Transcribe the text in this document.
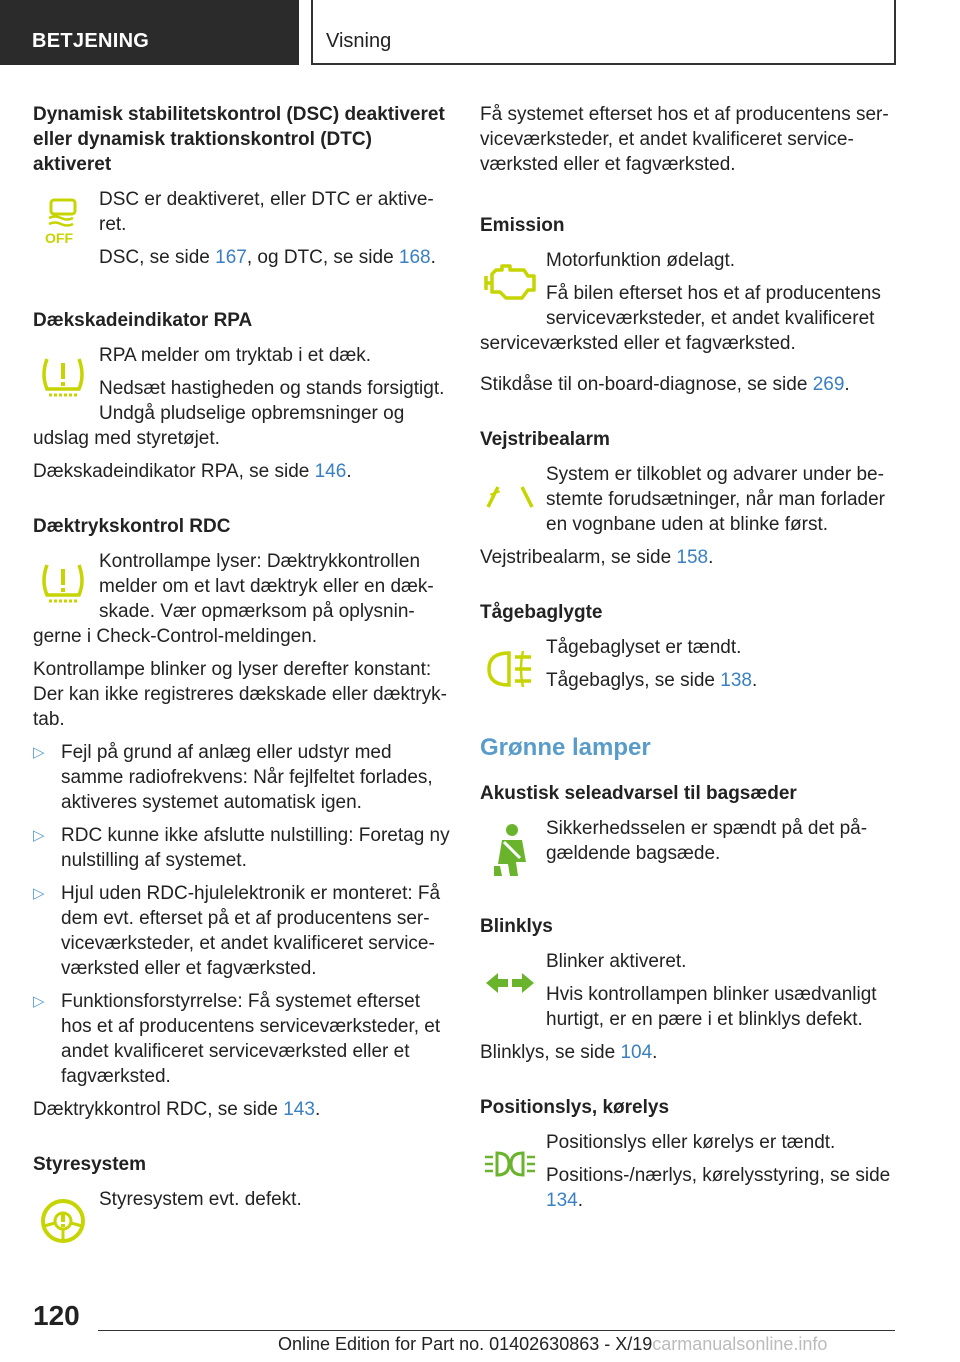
BETJENING	Visning
Dynamisk stabilitetskontrol (DSC) deaktiveret eller dynamisk traktionskontrol (DTC) aktiveret
OFF

DSC er deaktiveret, eller DTC er aktiveret.

DSC, se side 167, og DTC, se side 168.

Dækskadeindikator RPA

RPA melder om tryktab i et dæk.

Nedsæt hastigheden og stands forsigtigt. Undgå pludselige opbremsninger og udslag med styretøjet.

Dækskadeindikator RPA, se side 146.

Dæktrykskontrol RDC

Kontrollampe lyser: Dæktrykkontrollen melder om et lavt dæktryk eller en dækskade. Vær opmærksom på oplysningerne i Check-Control-meldingen.

Kontrollampe blinker og lyser derefter konstant: Der kan ikke registreres dækskade eller dæktryktab.

▷ Fejl på grund af anlæg eller udstyr med samme radiofrekvens: Når fejlfeltet forlades, aktiveres systemet automatisk igen.
▷ RDC kunne ikke afslutte nulstilling: Foretag ny nulstilling af systemet.
▷ Hjul uden RDC-hjulelektronik er monteret: Få dem evt. efterset på et af producentens serviceværksteder, et andet kvalificeret serviceværksted eller et fagværksted.
▷ Funktionsforstyrrelse: Få systemet efterset hos et af producentens serviceværksteder, et andet kvalificeret serviceværksted eller et fagværksted.

Dæktrykkontrol RDC, se side 143.

Styresystem

Styresystem evt. defekt.

Få systemet efterset hos et af producentens serviceværksteder, et andet kvalificeret serviceværksted eller et fagværksted.

Emission

Motorfunktion ødelagt.

Få bilen efterset hos et af producentens serviceværksteder, et andet kvalificeret serviceværksted eller et fagværksted.

Stikdåse til on-board-diagnose, se side 269.

Vejstribealarm

System er tilkoblet og advarer under bestemte forudsætninger, når man forlader en vognbane uden at blinke først.

Vejstribealarm, se side 158.

Tågebaglygte

Tågebaglyset er tændt.

Tågebaglys, se side 138.

Grønne lamper
Akustisk seleadvarsel til bagsæder

Sikkerhedsselen er spændt på det pågældende bagsæde.

Blinklys

Blinker aktiveret.

Hvis kontrollampen blinker usædvanligt hurtigt, er en pære i et blinklys defekt.

Blinklys, se side 104.

Positionslys, kørelys

Positionslys eller kørelys er tændt.

Positions-/nærlys, kørelysstyring, se side 134.

120
Online Edition for Part no. 01402630863 - X/19carmanualsonline.info
